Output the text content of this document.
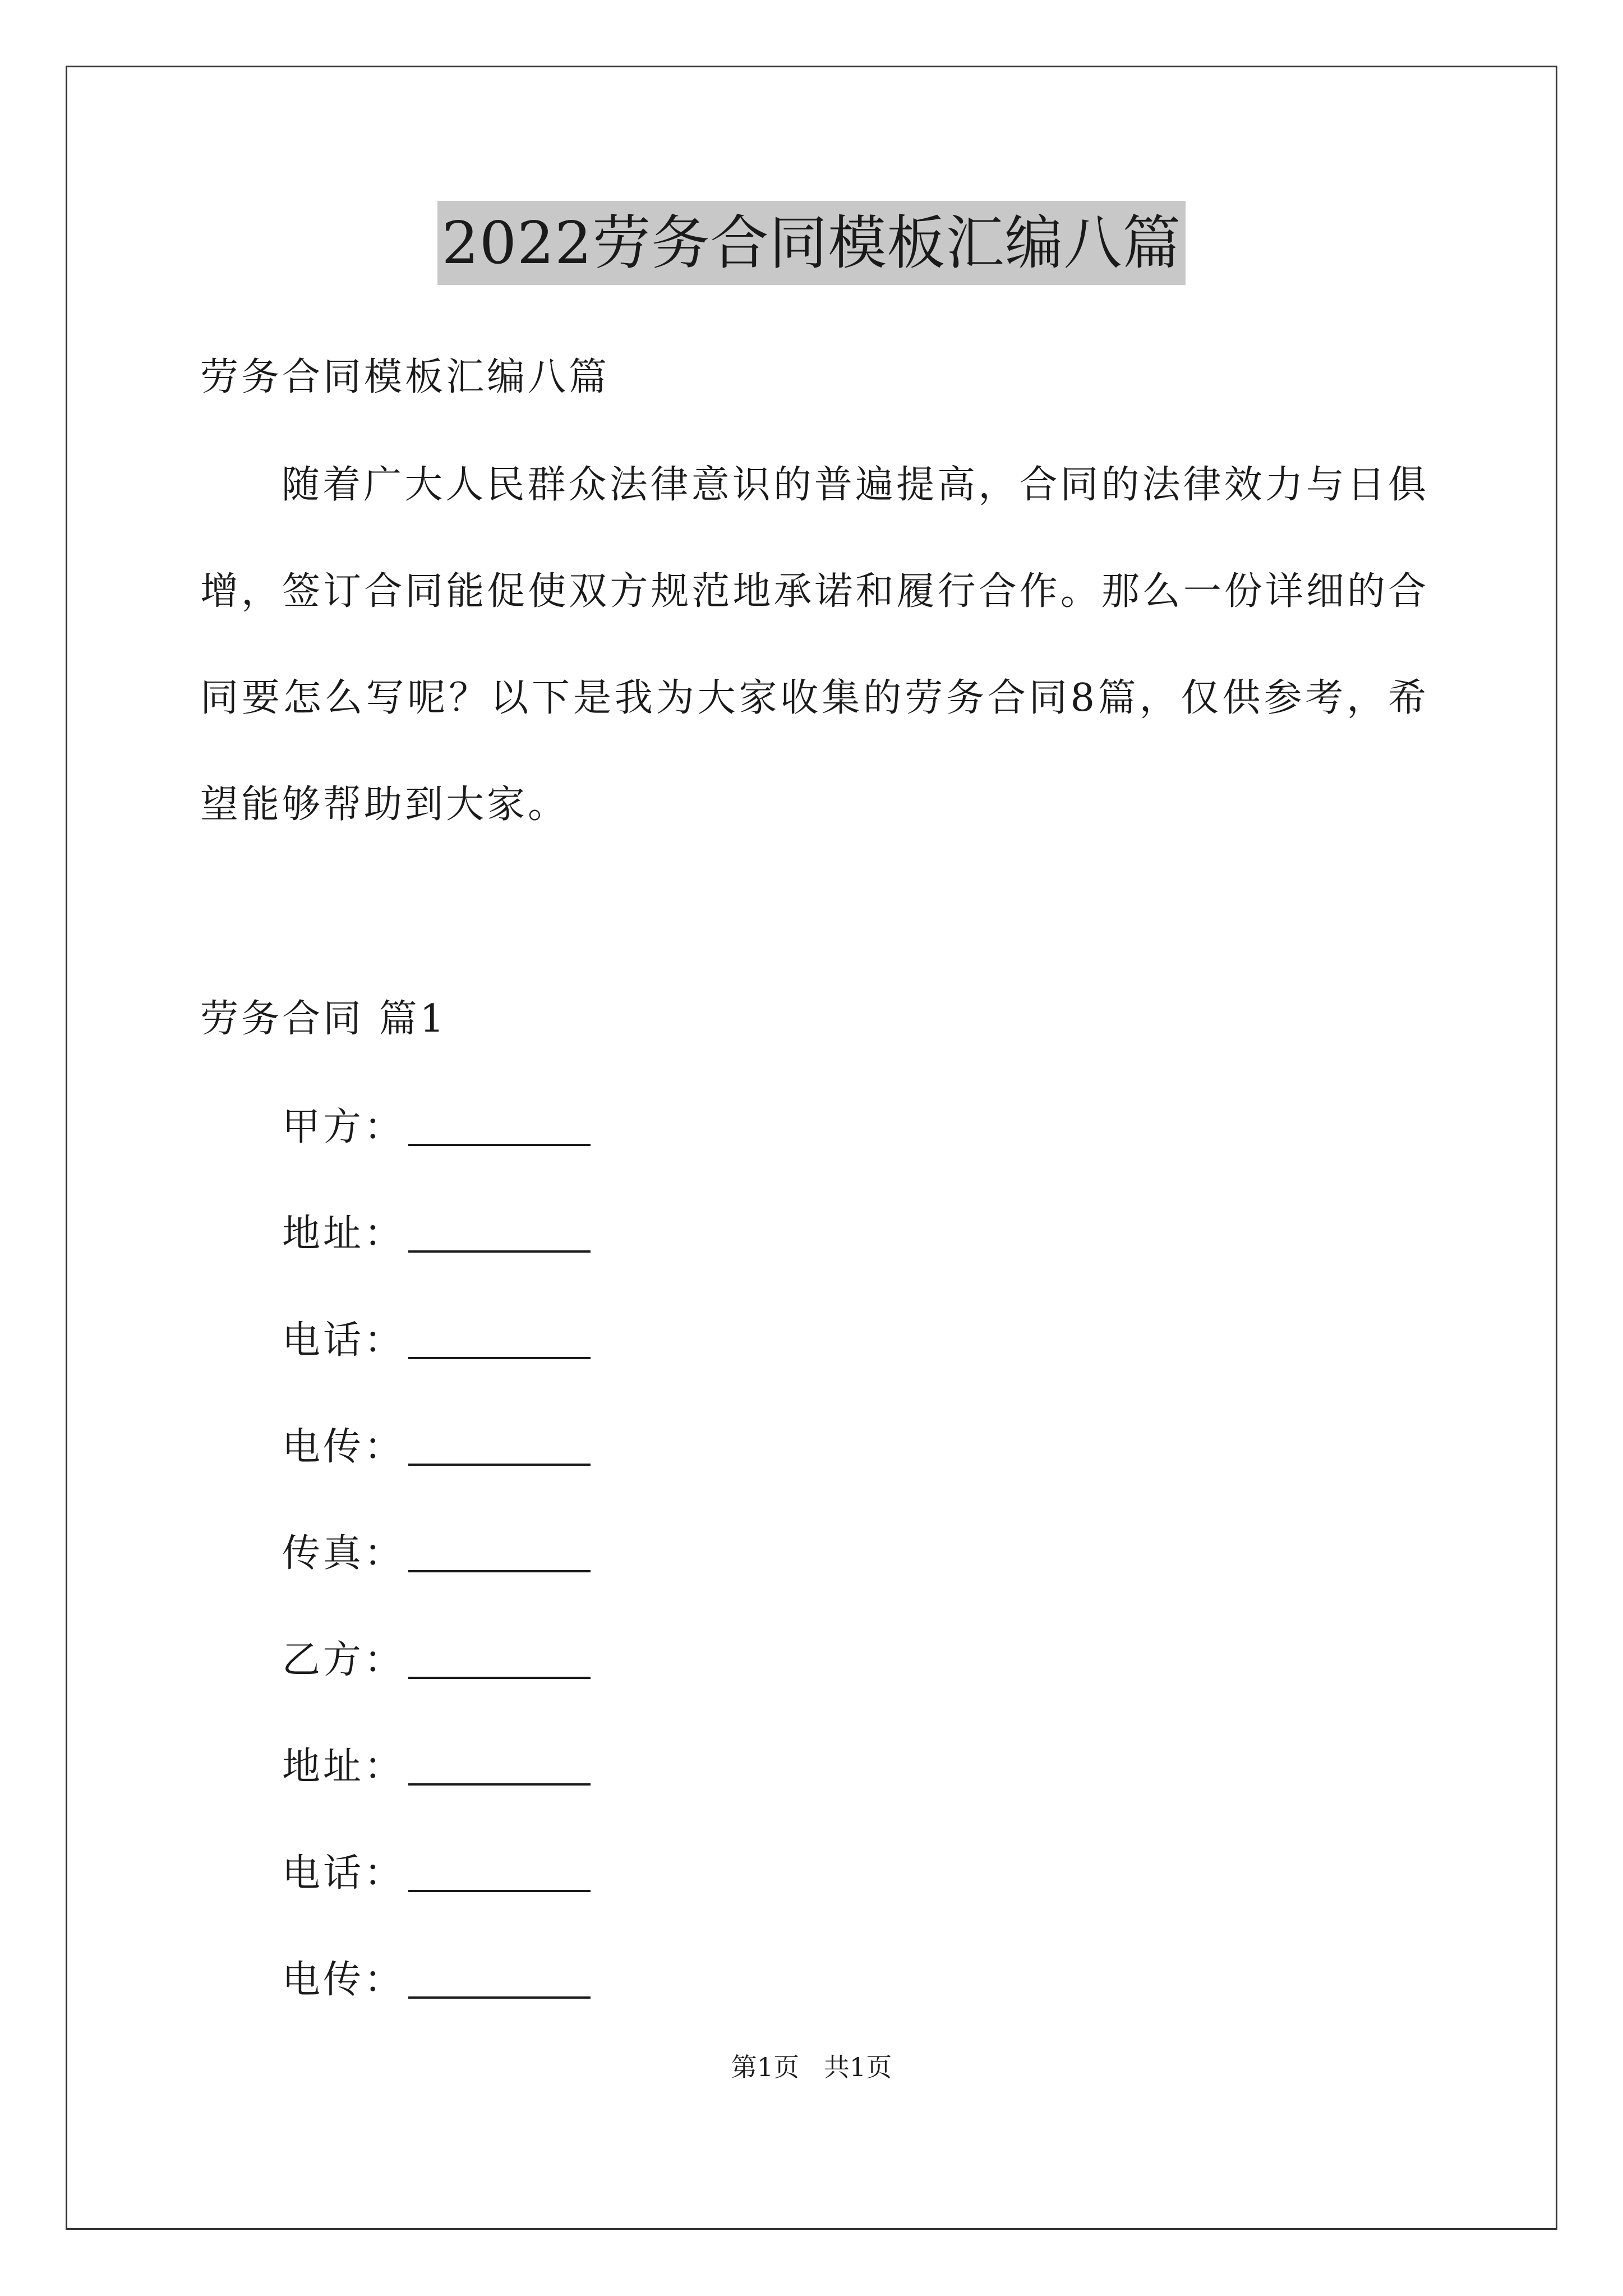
2022劳务合同模板汇编八篇
劳务合同模板汇编八篇
随着广大人民群众法律意识的普遍提高，合同的法律效力与日俱
增，签订合同能促使双方规范地承诺和履行合作。那么一份详细的合
同要怎么写呢？以下是我为大家收集的劳务合同8篇，仅供参考，希
望能够帮助到大家。
劳务合同 篇1
甲方：
地址：
电话：
电传：
传真：
乙方：
地址：
电话：
电传：
第1页   共1页
